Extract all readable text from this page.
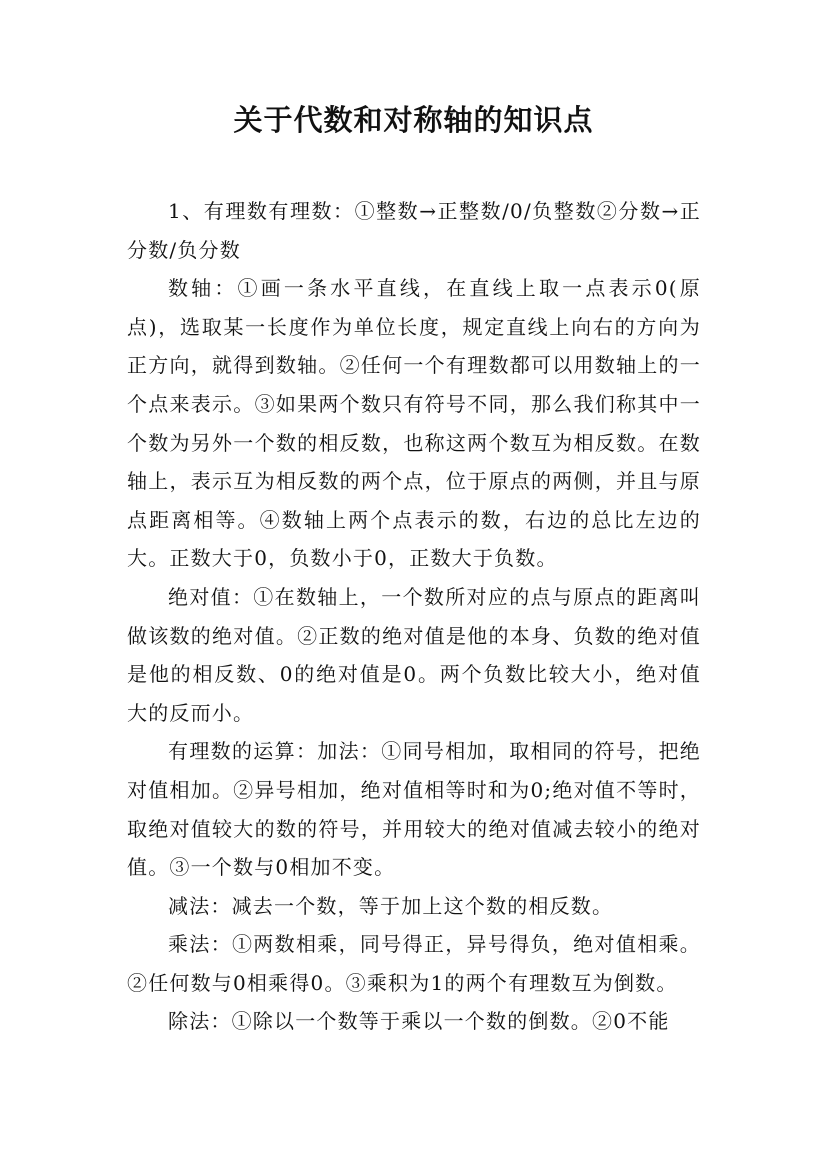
关于代数和对称轴的知识点

1、有理数有理数：①整数→正整数/0/负整数②分数→正分数/负分数

数轴：①画一条水平直线，在直线上取一点表示0(原点)，选取某一长度作为单位长度，规定直线上向右的方向为正方向，就得到数轴。②任何一个有理数都可以用数轴上的一个点来表示。③如果两个数只有符号不同，那么我们称其中一个数为另外一个数的相反数，也称这两个数互为相反数。在数轴上，表示互为相反数的两个点，位于原点的两侧，并且与原点距离相等。④数轴上两个点表示的数，右边的总比左边的大。正数大于0，负数小于0，正数大于负数。

绝对值：①在数轴上，一个数所对应的点与原点的距离叫做该数的绝对值。②正数的绝对值是他的本身、负数的绝对值是他的相反数、0的绝对值是0。两个负数比较大小，绝对值大的反而小。

有理数的运算：加法：①同号相加，取相同的符号，把绝对值相加。②异号相加，绝对值相等时和为0;绝对值不等时，取绝对值较大的数的符号，并用较大的绝对值减去较小的绝对值。③一个数与0相加不变。

减法：减去一个数，等于加上这个数的相反数。

乘法：①两数相乘，同号得正，异号得负，绝对值相乘。②任何数与0相乘得0。③乘积为1的两个有理数互为倒数。

除法：①除以一个数等于乘以一个数的倒数。②0不能
